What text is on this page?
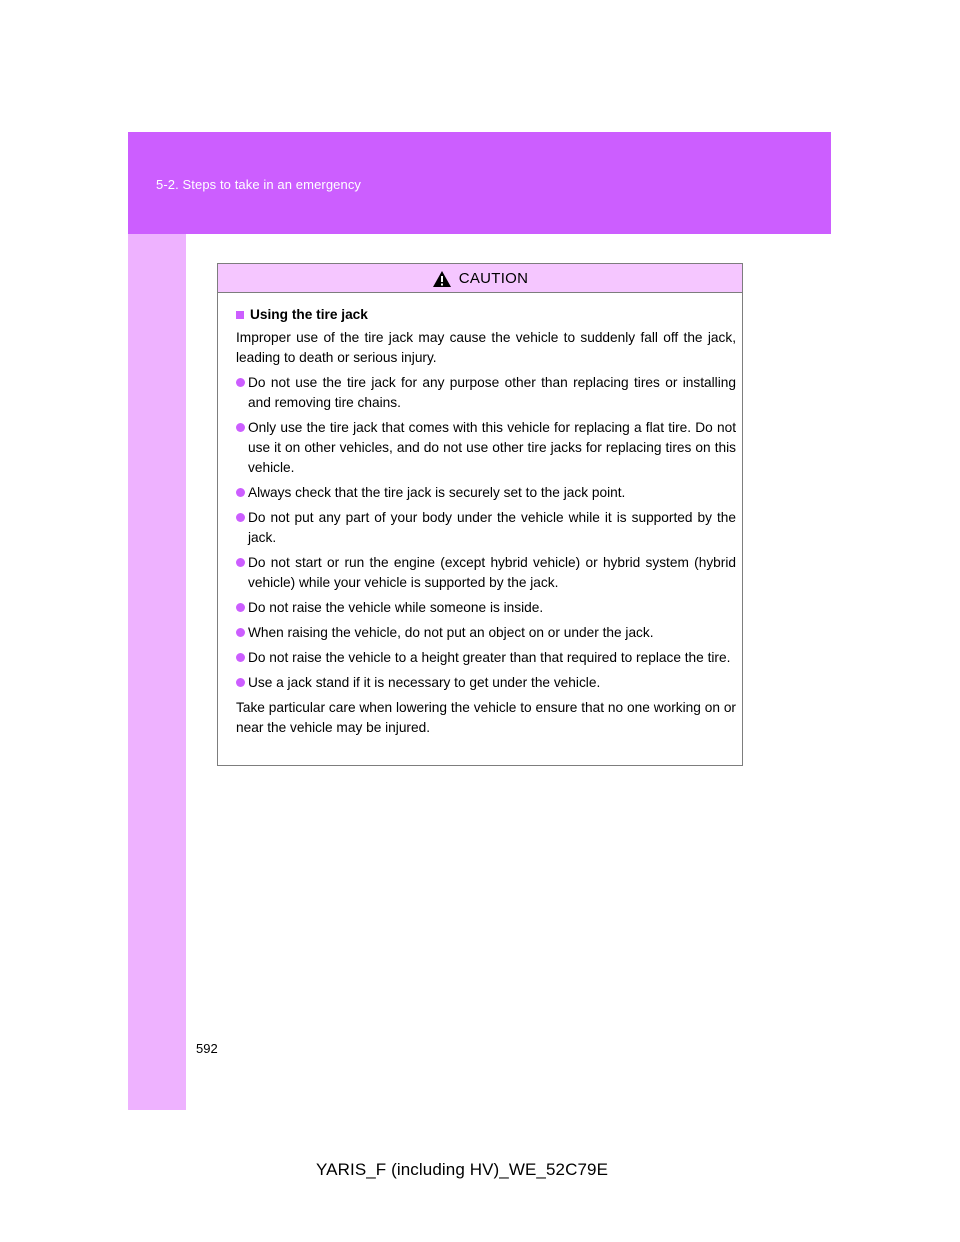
5-2. Steps to take in an emergency
CAUTION
Using the tire jack

Improper use of the tire jack may cause the vehicle to suddenly fall off the jack, leading to death or serious injury.

Do not use the tire jack for any purpose other than replacing tires or installing and removing tire chains.
Only use the tire jack that comes with this vehicle for replacing a flat tire. Do not use it on other vehicles, and do not use other tire jacks for replacing tires on this vehicle.
Always check that the tire jack is securely set to the jack point.
Do not put any part of your body under the vehicle while it is supported by the jack.
Do not start or run the engine (except hybrid vehicle) or hybrid system (hybrid vehicle) while your vehicle is supported by the jack.
Do not raise the vehicle while someone is inside.
When raising the vehicle, do not put an object on or under the jack.
Do not raise the vehicle to a height greater than that required to replace the tire.
Use a jack stand if it is necessary to get under the vehicle.

Take particular care when lowering the vehicle to ensure that no one working on or near the vehicle may be injured.

592
YARIS_F (including HV)_WE_52C79E
